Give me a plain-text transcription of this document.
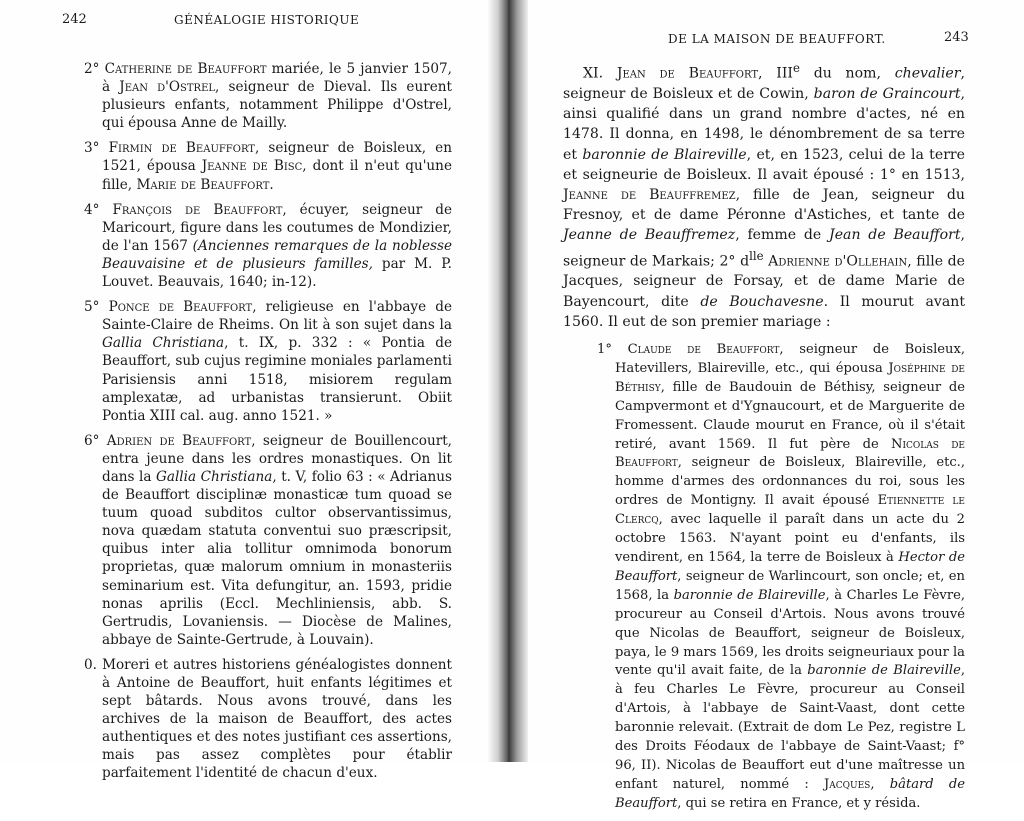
242	GÉNÉALOGIE HISTORIQUE

2° Catherine de Beauffort mariée, le 5 janvier 1507, à Jean d'Ostrel, seigneur de Dieval. Ils eurent plusieurs enfants, notamment Philippe d'Ostrel, qui épousa Anne de Mailly.

3° Firmin de Beauffort, seigneur de Boisleux, en 1521, épousa Jeanne de Bisc, dont il n'eut qu'une fille, Marie de Beauffort.

4° François de Beauffort, écuyer, seigneur de Maricourt, figure dans les coutumes de Mondizier, de l'an 1567 (Anciennes remarques de la noblesse Beauvaisine et de plusieurs familles, par M. P. Louvet. Beauvais, 1640; in-12).

5° Ponce de Beauffort, religieuse en l'abbaye de Sainte-Claire de Rheims. On lit à son sujet dans la Gallia Christiana, t. IX, p. 332 : « Pontia de Beauffort, sub cujus regimine moniales parlamenti Parisiensis anni 1518, misiorem regulam amplexatæ, ad urbanistas transierunt. Obiit Pontia XIII cal. aug. anno 1521. »

6° Adrien de Beauffort, seigneur de Bouillencourt, entra jeune dans les ordres monastiques. On lit dans la Gallia Christiana, t. V, folio 63 : « Adrianus de Beauffort disciplinæ monasticæ tum quoad se tuum quoad subditos cultor observantissimus, nova quædam statuta conventui suo præscripsit, quibus inter alia tollitur omnimoda bonorum proprietas, quæ malorum omnium in monasteriis seminarium est. Vita defungitur, an. 1593, pridie nonas aprilis (Eccl. Mechliniensis, abb. S. Gertrudis, Lovaniensis. — Diocèse de Malines, abbaye de Sainte-Gertrude, à Louvain).

0. Moreri et autres historiens généalogistes donnent à Antoine de Beauffort, huit enfants légitimes et sept bâtards. Nous avons trouvé, dans les archives de la maison de Beauffort, des actes authentiques et des notes justifiant ces assertions, mais pas assez complètes pour établir parfaitement l'identité de chacun d'eux.

DE LA MAISON DE BEAUFFORT.	243

XI. Jean de Beauffort, IIIe du nom, chevalier, seigneur de Boisleux et de Cowin, baron de Graincourt, ainsi qualifié dans un grand nombre d'actes, né en 1478. Il donna, en 1498, le dénombrement de sa terre et baronnie de Blaireville, et, en 1523, celui de la terre et seigneurie de Boisleux. Il avait épousé : 1° en 1513, Jeanne de Beauffremez, fille de Jean, seigneur du Fresnoy, et de dame Péronne d'Astiches, et tante de Jeanne de Beauffremez, femme de Jean de Beauffort, seigneur de Markais; 2° $d^{lle}$ Adrienne d'Ollehain, fille de Jacques, seigneur de Forsay, et de dame Marie de Bayencourt, dite de Bouchavesne. Il mourut avant 1560. Il eut de son premier mariage :

1° Claude de Beauffort, seigneur de Boisleux, Hatevillers, Blaireville, etc., qui épousa Joséphine de Béthisy, fille de Baudouin de Béthisy, seigneur de Campvermont et d'Ygnaucourt, et de Marguerite de Fromessent. Claude mourut en France, où il s'était retiré, avant 1569. Il fut père de Nicolas de Beauffort, seigneur de Boisleux, Blaireville, etc., homme d'armes des ordonnances du roi, sous les ordres de Montigny. Il avait épousé Etiennette le Clercq, avec laquelle il paraît dans un acte du 2 octobre 1563. N'ayant point eu d'enfants, ils vendirent, en 1564, la terre de Boisleux à Hector de Beauffort, seigneur de Warlincourt, son oncle; et, en 1568, la baronnie de Blaireville, à Charles Le Fèvre, procureur au Conseil d'Artois. Nous avons trouvé que Nicolas de Beauffort, seigneur de Boisleux, paya, le 9 mars 1569, les droits seigneuriaux pour la vente qu'il avait faite, de la baronnie de Blaireville, à feu Charles Le Fèvre, procureur au Conseil d'Artois, à l'abbaye de Saint-Vaast, dont cette baronnie relevait. (Extrait de dom Le Pez, registre L des Droits Féodaux de l'abbaye de Saint-Vaast; f° 96, II). Nicolas de Beauffort eut d'une maîtresse un enfant naturel, nommé : Jacques, bâtard de Beauffort, qui se retira en France, et y résida.
